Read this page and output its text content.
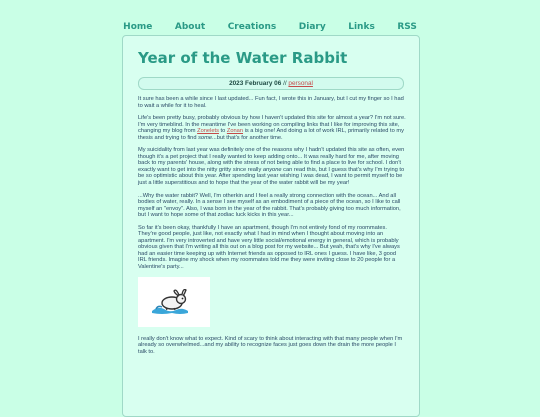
Home	About	Creations	Diary	Links	RSS
Year of the Water Rabbit
2023 February 06 // personal

It sure has been a while since I last updated... Fun fact, I wrote this in January, but I cut my finger so I had to wait a while for it to heal.

Life's been pretty busy, probably obvious by how I haven't updated this site for almost a year? I'm not sure. I'm very timeblind. In the meantime I've been working on compiling links that I like for improving this site, changing my blog from Zonelets to Zonan is a big one! And doing a lot of work IRL, primarily related to my thesis and trying to find some...but that's for another time.

My suicidality from last year was definitely one of the reasons why I hadn't updated this site as often, even though it's a pet project that I really wanted to keep adding onto... It was really hard for me, after moving back to my parents' house, along with the stress of not being able to find a place to live for school. I don't exactly want to get into the nitty gritty since really anyone can read this, but I guess that's why I'm trying to be so optimistic about this year. After spending last year wishing I was dead, I want to permit myself to be just a little superstitious and to hope that the year of the water rabbit will be my year!

...Why the water rabbit? Well, I'm otherkin and I feel a really strong connection with the ocean... And all bodies of water, really. In a sense I see myself as an embodiment of a piece of the ocean, so I like to call myself an "envoy". Also, I was born in the year of the rabbit. That's probably giving too much information, but I want to hope some of that zodiac luck kicks in this year...

So far it's been okay, thankfully I have an apartment, though I'm not entirely fond of my roommates. They're good people, just like, not exactly what I had in mind when I thought about moving into an apartment. I'm very introverted and have very little social/emotional energy in general, which is probably obvious given that I'm writing all this out on a blog post for my website... But yeah, that's why I've always had an easier time keeping up with Internet friends as opposed to IRL ones I guess. I have like, 3 good IRL friends. Imagine my shock when my roommates told me they were inviting close to 20 people for a Valentine's party...

I really don't know what to expect. Kind of scary to think about interacting with that many people when I'm already so overwhelmed...and my ability to recognize faces just goes down the drain the more people I talk to.
